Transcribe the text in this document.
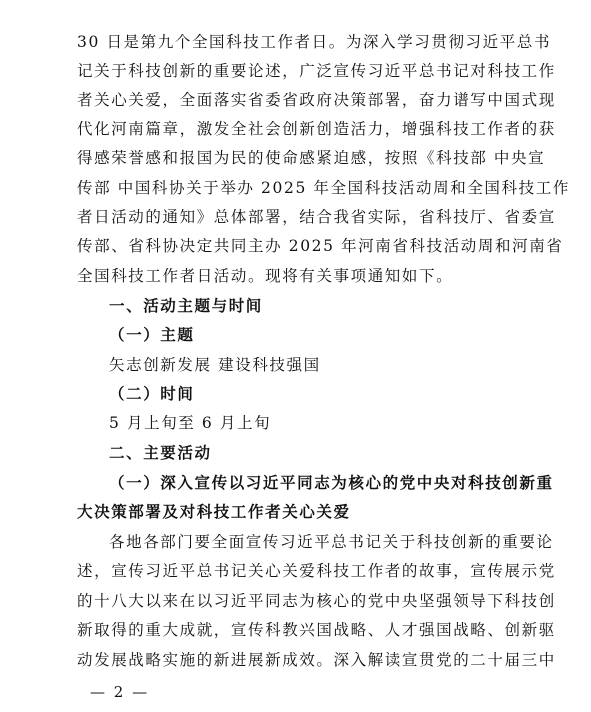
30 日是第九个全国科技工作者日。为深入学习贯彻习近平总书
记关于科技创新的重要论述，广泛宣传习近平总书记对科技工作
者关心关爱，全面落实省委省政府决策部署，奋力谱写中国式现
代化河南篇章，激发全社会创新创造活力，增强科技工作者的获
得感荣誉感和报国为民的使命感紧迫感，按照《科技部 中央宣
传部 中国科协关于举办 2025 年全国科技活动周和全国科技工作
者日活动的通知》总体部署，结合我省实际，省科技厅、省委宣
传部、省科协决定共同主办 2025 年河南省科技活动周和河南省
全国科技工作者日活动。现将有关事项通知如下。
一、活动主题与时间
（一）主题
矢志创新发展 建设科技强国
（二）时间
5 月上旬至 6 月上旬
二、主要活动
（一）深入宣传以习近平同志为核心的党中央对科技创新重
大决策部署及对科技工作者关心关爱
各地各部门要全面宣传习近平总书记关于科技创新的重要论
述，宣传习近平总书记关心关爱科技工作者的故事，宣传展示党
的十八大以来在以习近平同志为核心的党中央坚强领导下科技创
新取得的重大成就，宣传科教兴国战略、人才强国战略、创新驱
动发展战略实施的新进展新成效。深入解读宣贯党的二十届三中
— 2 —
